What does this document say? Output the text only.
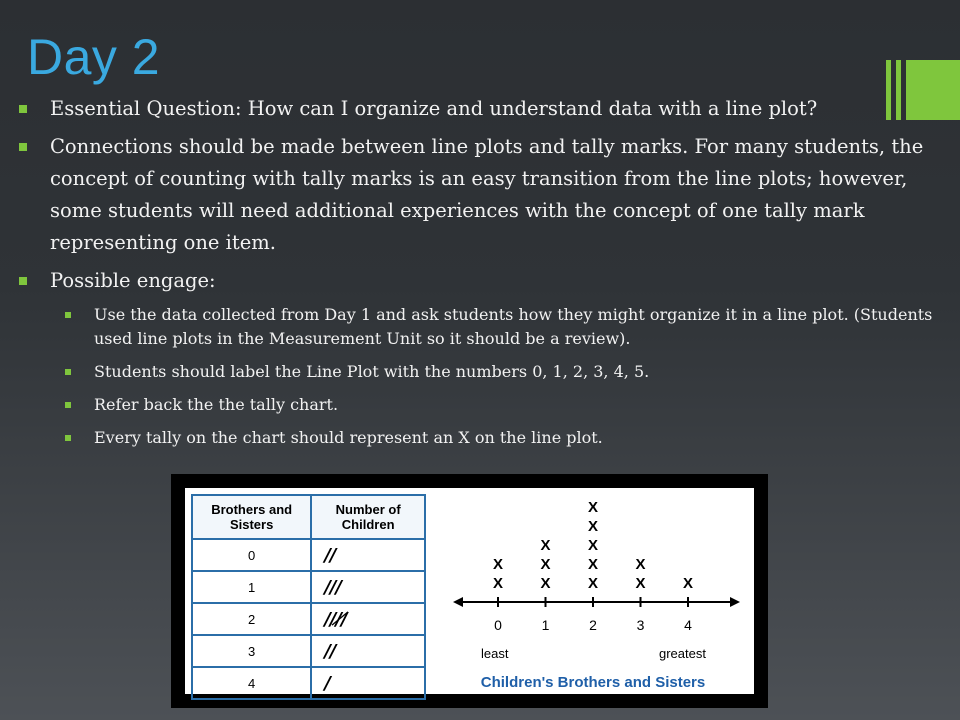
Day 2
Essential Question: How can I organize and understand data with a line plot?
Connections should be made between line plots and tally marks. For many students, the concept of counting with tally marks is an easy transition from the line plots; however, some students will need additional experiences with the concept of one tally mark representing one item.
Possible engage:
Use the data collected from Day 1 and ask students how they might organize it in a line plot. (Students used line plots in the Measurement Unit so it should be a review).
Students should label the Line Plot with the numbers 0, 1, 2, 3, 4, 5.
Refer back the the tally chart.
Every tally on the chart should represent an X on the line plot.
Brothers and Sisters	Number of Children
0	//
1	///
2	////̸
3	//
4	/
least	greatest
Children's Brothers and Sisters
0
X
X
1
X
X
X
2
X
X
X
X
X
3
X
X
4
X
